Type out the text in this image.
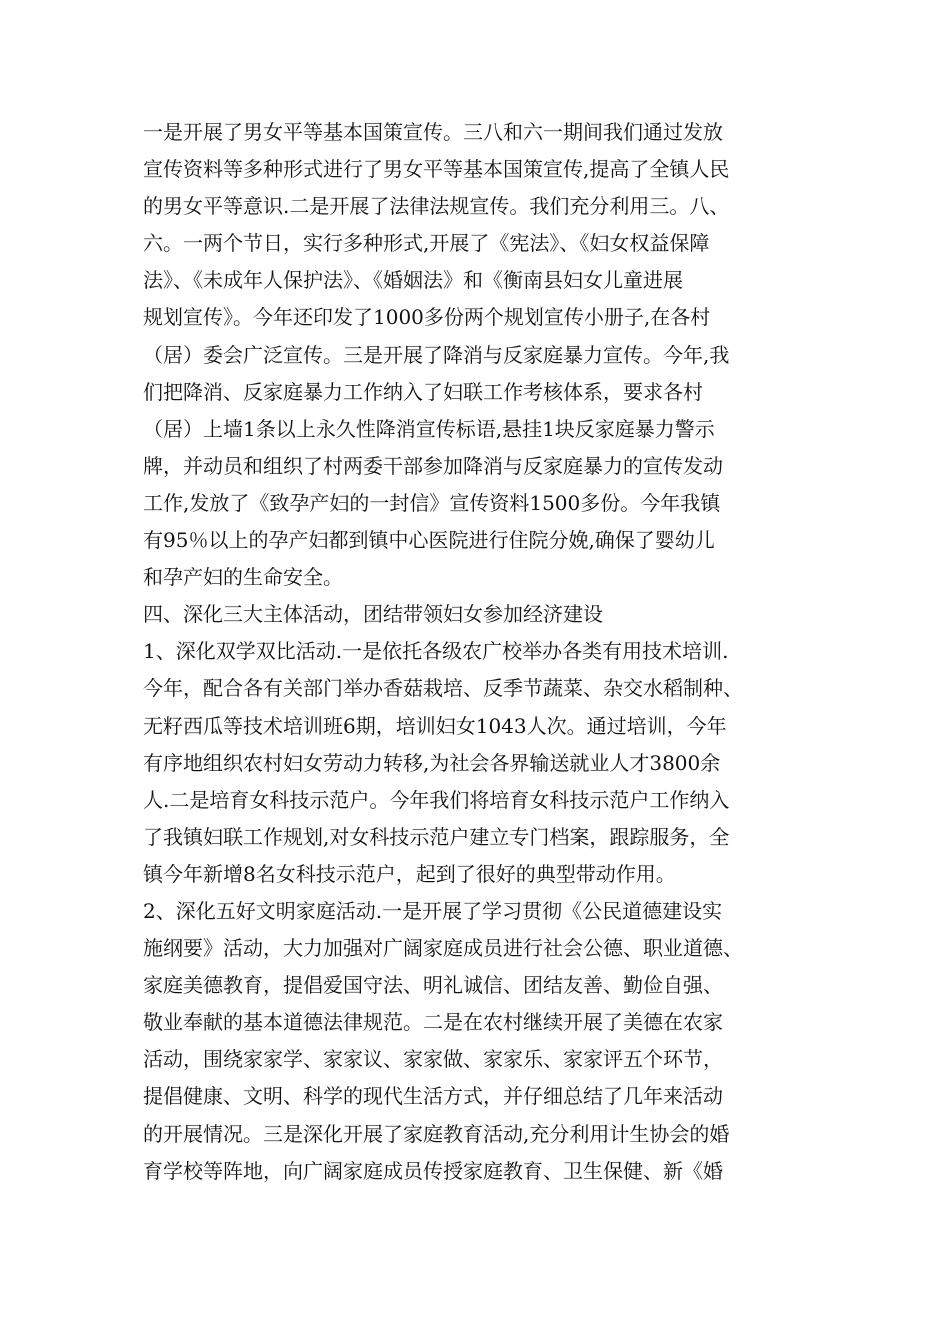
一是开展了男女平等基本国策宣传。三八和六一期间我们通过发放
宣传资料等多种形式进行了男女平等基本国策宣传,提高了全镇人民
的男女平等意识.二是开展了法律法规宣传。我们充分利用三。八、
六。一两个节日，实行多种形式,开展了《宪法》、《妇女权益保障
法》、《未成年人保护法》、《婚姻法》和《衡南县妇女儿童进展
规划宣传》。今年还印发了1000多份两个规划宣传小册子,在各村
（居）委会广泛宣传。三是开展了降消与反家庭暴力宣传。今年,我
们把降消、反家庭暴力工作纳入了妇联工作考核体系，要求各村
（居）上墙1条以上永久性降消宣传标语,悬挂1块反家庭暴力警示
牌，并动员和组织了村两委干部参加降消与反家庭暴力的宣传发动
工作,发放了《致孕产妇的一封信》宣传资料1500多份。今年我镇
有95％以上的孕产妇都到镇中心医院进行住院分娩,确保了婴幼儿
和孕产妇的生命安全。
四、深化三大主体活动，团结带领妇女参加经济建设
1、深化双学双比活动.一是依托各级农广校举办各类有用技术培训.
今年，配合各有关部门举办香菇栽培、反季节蔬菜、杂交水稻制种、
无籽西瓜等技术培训班6期，培训妇女1043人次。通过培训，今年
有序地组织农村妇女劳动力转移,为社会各界输送就业人才3800余
人.二是培育女科技示范户。今年我们将培育女科技示范户工作纳入
了我镇妇联工作规划,对女科技示范户建立专门档案，跟踪服务，全
镇今年新增8名女科技示范户，起到了很好的典型带动作用。
2、深化五好文明家庭活动.一是开展了学习贯彻《公民道德建设实
施纲要》活动，大力加强对广阔家庭成员进行社会公德、职业道德、
家庭美德教育，提倡爱国守法、明礼诚信、团结友善、勤俭自强、
敬业奉献的基本道德法律规范。二是在农村继续开展了美德在农家
活动，围绕家家学、家家议、家家做、家家乐、家家评五个环节，
提倡健康、文明、科学的现代生活方式，并仔细总结了几年来活动
的开展情况。三是深化开展了家庭教育活动,充分利用计生协会的婚
育学校等阵地，向广阔家庭成员传授家庭教育、卫生保健、新《婚
